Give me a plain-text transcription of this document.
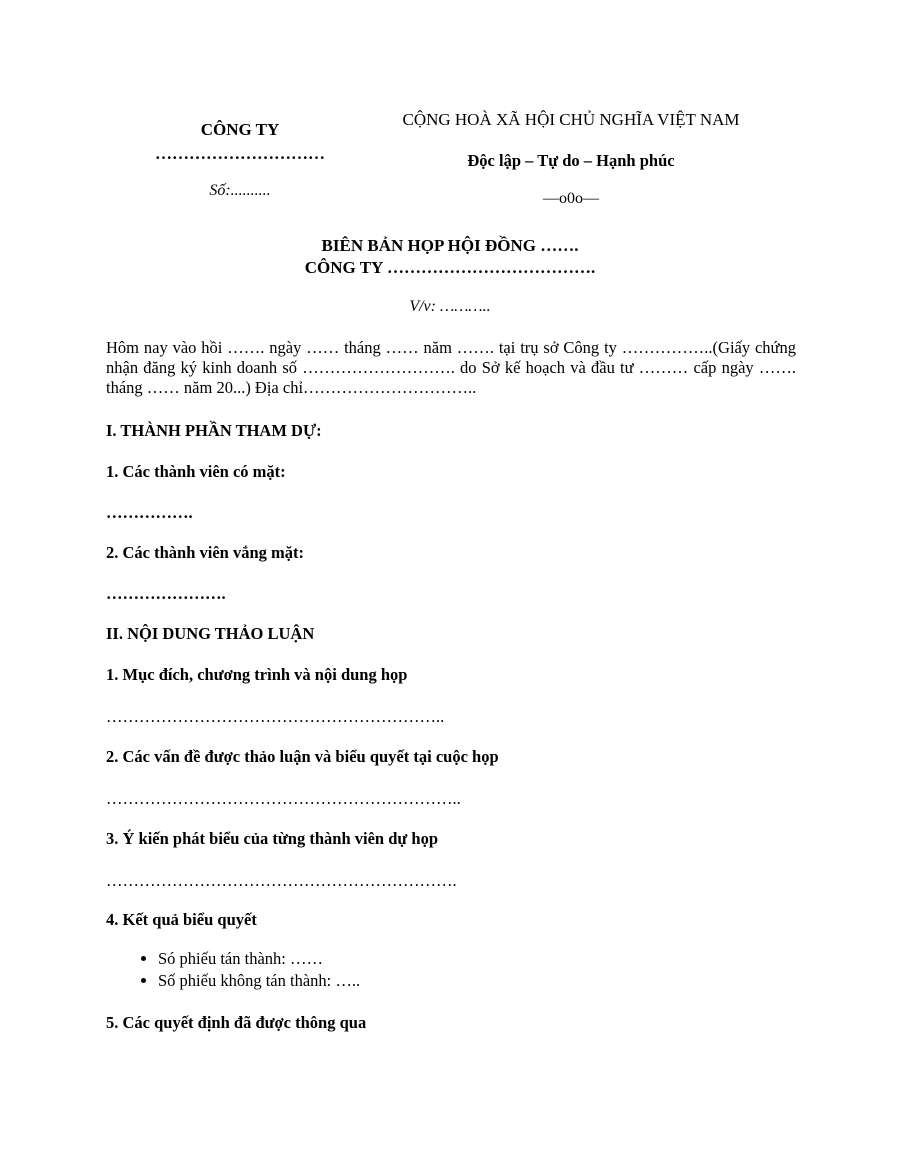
CÔNG TY
…………………………
Số:..........
CỘNG HOÀ XÃ HỘI CHỦ NGHĨA VIỆT NAM
Độc lập – Tự do – Hạnh phúc
—o0o—
BIÊN BẢN HỌP HỘI ĐỒNG …….
CÔNG TY ……………………………….
V/v: ………..
Hôm nay vào hồi ……. ngày …… tháng …… năm ……. tại trụ sở Công ty ……………..(Giấy chứng nhận đăng ký kinh doanh số ………………………. do Sở kế hoạch và đầu tư ……… cấp ngày ……. tháng …… năm 20...) Địa chỉ…………………………..
I. THÀNH PHẦN THAM DỰ:
1. Các thành viên có mặt:
…………….
2. Các thành viên vắng mặt:
………………….
II. NỘI DUNG THẢO LUẬN
1. Mục đích, chương trình và nội dung họp
……………………………………………………..
2. Các vấn đề được thảo luận và biểu quyết tại cuộc họp
………………………………………………………..
3. Ý kiến phát biểu của từng thành viên dự họp
……………………………………………………….
4. Kết quả biểu quyết
• Só phiếu tán thành: ……
• Số phiếu không tán thành: …..
5. Các quyết định đã được thông qua
